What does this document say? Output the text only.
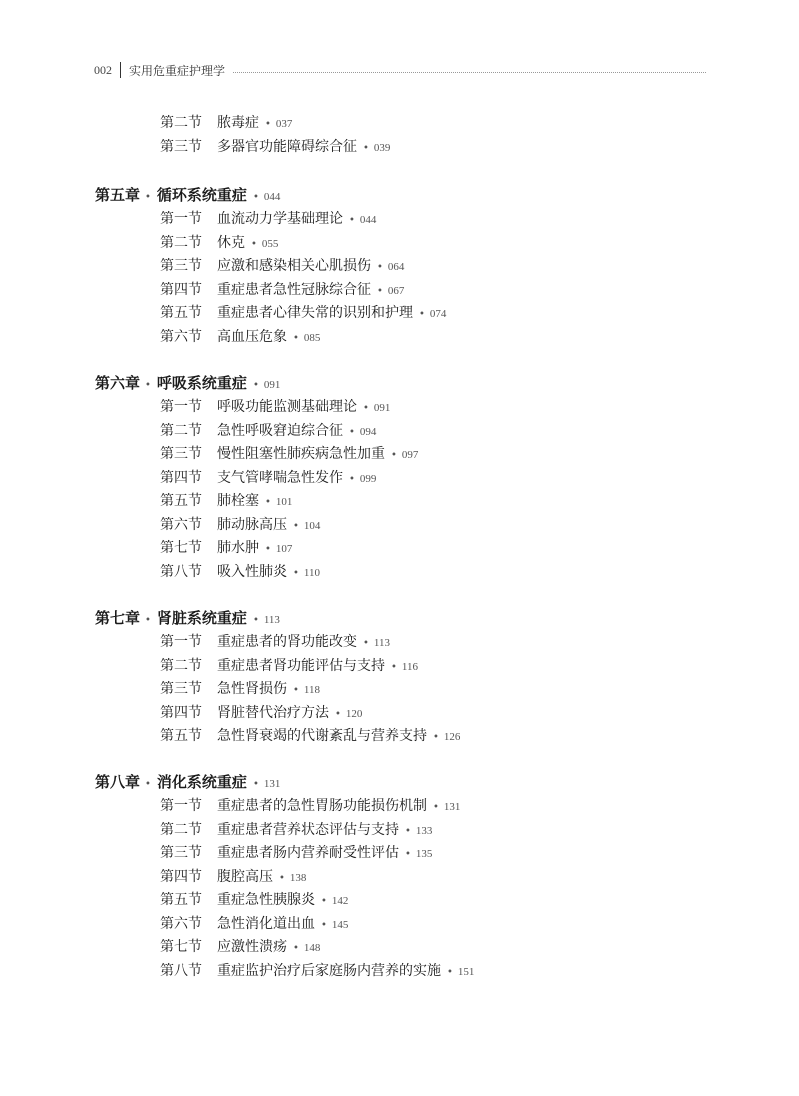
002 实用危重症护理学
第二节	脓毒症 • 037
第三节	多器官功能障碍综合征 • 039
第五章 • 循环系统重症 • 044
第一节	血流动力学基础理论 • 044
第二节	休克 • 055
第三节	应激和感染相关心肌损伤 • 064
第四节	重症患者急性冠脉综合征 • 067
第五节	重症患者心律失常的识别和护理 • 074
第六节	高血压危象 • 085
第六章 • 呼吸系统重症 • 091
第一节	呼吸功能监测基础理论 • 091
第二节	急性呼吸窘迫综合征 • 094
第三节	慢性阻塞性肺疾病急性加重 • 097
第四节	支气管哮喘急性发作 • 099
第五节	肺栓塞 • 101
第六节	肺动脉高压 • 104
第七节	肺水肿 • 107
第八节	吸入性肺炎 • 110
第七章 • 肾脏系统重症 • 113
第一节	重症患者的肾功能改变 • 113
第二节	重症患者肾功能评估与支持 • 116
第三节	急性肾损伤 • 118
第四节	肾脏替代治疗方法 • 120
第五节	急性肾衰竭的代谢紊乱与营养支持 • 126
第八章 • 消化系统重症 • 131
第一节	重症患者的急性胃肠功能损伤机制 • 131
第二节	重症患者营养状态评估与支持 • 133
第三节	重症患者肠内营养耐受性评估 • 135
第四节	腹腔高压 • 138
第五节	重症急性胰腺炎 • 142
第六节	急性消化道出血 • 145
第七节	应激性溃疡 • 148
第八节	重症监护治疗后家庭肠内营养的实施 • 151
